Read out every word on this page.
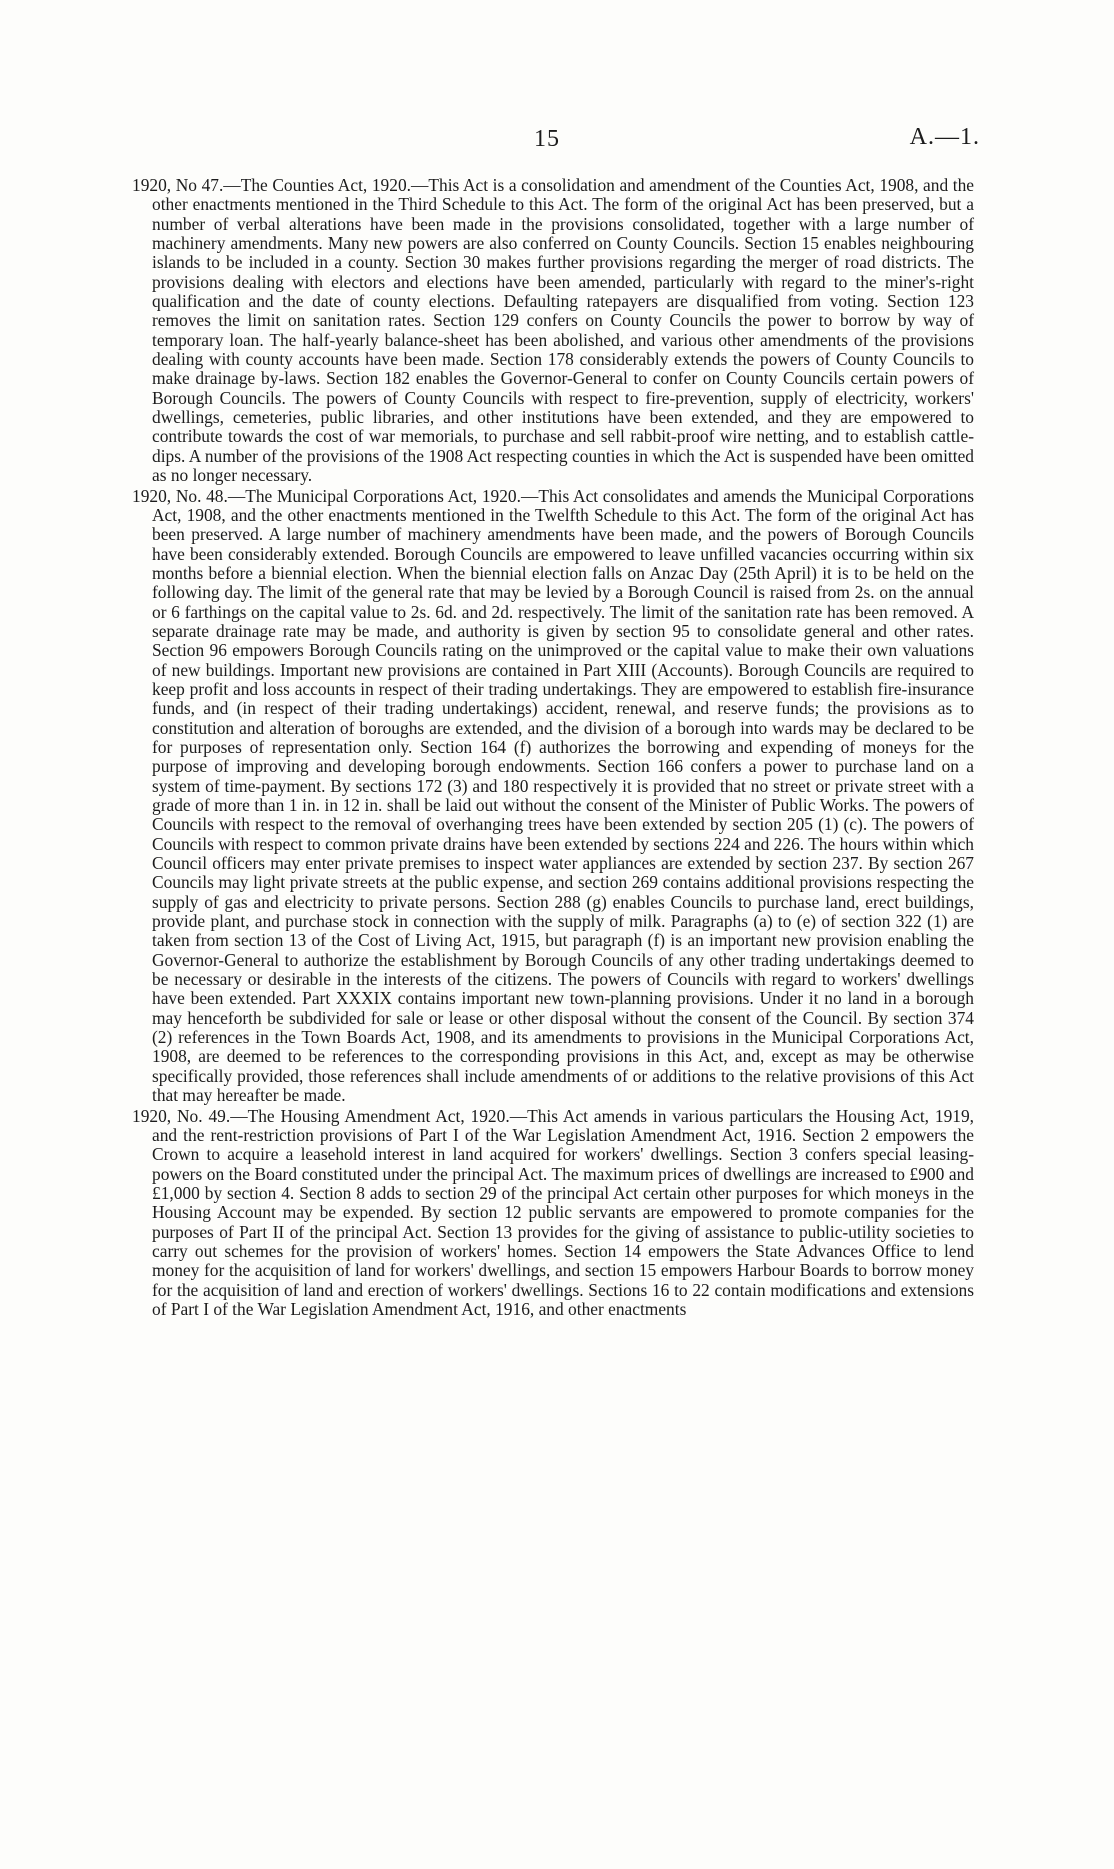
15	A.—1.

1920, No 47.—The Counties Act, 1920.—This Act is a consolidation and amendment of the Counties Act, 1908, and the other enactments mentioned in the Third Schedule to this Act. The form of the original Act has been preserved, but a number of verbal alterations have been made in the provisions consolidated, together with a large number of machinery amendments. Many new powers are also conferred on County Councils. Section 15 enables neighbouring islands to be included in a county. Section 30 makes further provisions regarding the merger of road districts. The provisions dealing with electors and elections have been amended, particularly with regard to the miner's-right qualification and the date of county elections. Defaulting ratepayers are disqualified from voting. Section 123 removes the limit on sanitation rates. Section 129 confers on County Councils the power to borrow by way of temporary loan. The half-yearly balance-sheet has been abolished, and various other amendments of the provisions dealing with county accounts have been made. Section 178 considerably extends the powers of County Councils to make drainage by-laws. Section 182 enables the Governor-General to confer on County Councils certain powers of Borough Councils. The powers of County Councils with respect to fire-prevention, supply of electricity, workers' dwellings, cemeteries, public libraries, and other institutions have been extended, and they are empowered to contribute towards the cost of war memorials, to purchase and sell rabbit-proof wire netting, and to establish cattle-dips. A number of the provisions of the 1908 Act respecting counties in which the Act is suspended have been omitted as no longer necessary.

1920, No. 48.—The Municipal Corporations Act, 1920.—This Act consolidates and amends the Municipal Corporations Act, 1908, and the other enactments mentioned in the Twelfth Schedule to this Act. The form of the original Act has been preserved. A large number of machinery amendments have been made, and the powers of Borough Councils have been considerably extended. Borough Councils are empowered to leave unfilled vacancies occurring within six months before a biennial election. When the biennial election falls on Anzac Day (25th April) it is to be held on the following day. The limit of the general rate that may be levied by a Borough Council is raised from 2s. on the annual or 6 farthings on the capital value to 2s. 6d. and 2d. respectively. The limit of the sanitation rate has been removed. A separate drainage rate may be made, and authority is given by section 95 to consolidate general and other rates. Section 96 empowers Borough Councils rating on the unimproved or the capital value to make their own valuations of new buildings. Important new provisions are contained in Part XIII (Accounts). Borough Councils are required to keep profit and loss accounts in respect of their trading undertakings. They are empowered to establish fire-insurance funds, and (in respect of their trading undertakings) accident, renewal, and reserve funds; the provisions as to constitution and alteration of boroughs are extended, and the division of a borough into wards may be declared to be for purposes of representation only. Section 164 (f) authorizes the borrowing and expending of moneys for the purpose of improving and developing borough endowments. Section 166 confers a power to purchase land on a system of time-payment. By sections 172 (3) and 180 respectively it is provided that no street or private street with a grade of more than 1 in. in 12 in. shall be laid out without the consent of the Minister of Public Works. The powers of Councils with respect to the removal of overhanging trees have been extended by section 205 (1) (c). The powers of Councils with respect to common private drains have been extended by sections 224 and 226. The hours within which Council officers may enter private premises to inspect water appliances are extended by section 237. By section 267 Councils may light private streets at the public expense, and section 269 contains additional provisions respecting the supply of gas and electricity to private persons. Section 288 (g) enables Councils to purchase land, erect buildings, provide plant, and purchase stock in connection with the supply of milk. Paragraphs (a) to (e) of section 322 (1) are taken from section 13 of the Cost of Living Act, 1915, but paragraph (f) is an important new provision enabling the Governor-General to authorize the establishment by Borough Councils of any other trading undertakings deemed to be necessary or desirable in the interests of the citizens. The powers of Councils with regard to workers' dwellings have been extended. Part XXXIX contains important new town-planning provisions. Under it no land in a borough may henceforth be subdivided for sale or lease or other disposal without the consent of the Council. By section 374 (2) references in the Town Boards Act, 1908, and its amendments to provisions in the Municipal Corporations Act, 1908, are deemed to be references to the corresponding provisions in this Act, and, except as may be otherwise specifically provided, those references shall include amendments of or additions to the relative provisions of this Act that may hereafter be made.

1920, No. 49.—The Housing Amendment Act, 1920.—This Act amends in various particulars the Housing Act, 1919, and the rent-restriction provisions of Part I of the War Legislation Amendment Act, 1916. Section 2 empowers the Crown to acquire a leasehold interest in land acquired for workers' dwellings. Section 3 confers special leasing-powers on the Board constituted under the principal Act. The maximum prices of dwellings are increased to £900 and £1,000 by section 4. Section 8 adds to section 29 of the principal Act certain other purposes for which moneys in the Housing Account may be expended. By section 12 public servants are empowered to promote companies for the purposes of Part II of the principal Act. Section 13 provides for the giving of assistance to public-utility societies to carry out schemes for the provision of workers' homes. Section 14 empowers the State Advances Office to lend money for the acquisition of land for workers' dwellings, and section 15 empowers Harbour Boards to borrow money for the acquisition of land and erection of workers' dwellings. Sections 16 to 22 contain modifications and extensions of Part I of the War Legislation Amendment Act, 1916, and other enactments
